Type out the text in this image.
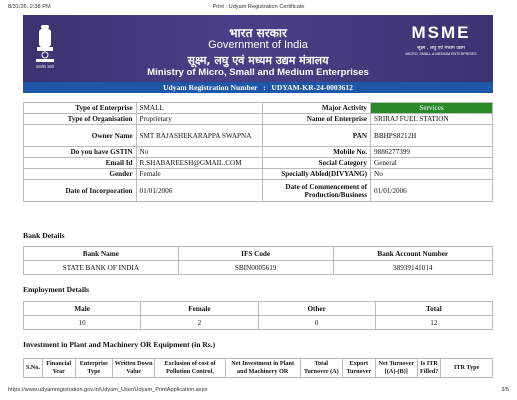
8/31/26, 2:38 PM	Print : Udyam Registration Certificate
सत्यमेव जयते
भारत सरकार
Government of India
सूक्ष्म, लघु एवं मध्यम उद्यम मंत्रालय
Ministry of Micro, Small and Medium Enterprises
MSME
सूक्ष्म , लघु एवं मध्यम उद्यम
MICRO, SMALL & MEDIUM ENTERPRISES
Udyam Registration Number : UDYAM-KR-24-0003612
Type of Enterprise	SMALL	Major Activity	Services
Type of Organisation	Proprietary	Name of Enterprise	SRIRAJ FUEL STATION
Owner Name	SMT RAJASHEKARAPPA SWAPNA	PAN	BBHPS8212H
Do you have GSTIN	No	Mobile No.	9886277399
Email Id	R.SHABAREESH@GMAIL.COM	Social Category	General
Gender	Female	Specially Abled(DIVYANG)	No
Date of Incorporation	01/01/2006	Date of Commencement of Production/Business	01/01/2006
Bank Details
Bank Name	IFS Code	Bank Account Number
STATE BANK OF INDIA	SBIN0005619	38939141014
Employment Details
Male	Female	Other	Total
10	2	0	12
Investment in Plant and Machinery OR Equipment (in Rs.)
S.No.	Financial Year	Enterprise Type	Written Down Value	Exclusion of cost of Pollution Control,	Net Investment in Plant and Machinery OR	Total Turnover (A)	Export Turnover	Net Turnover [(A)-(B)]	Is ITR Filled?	ITR Type
https://www.udyamregistration.gov.in/Udyam_User/Udyam_PrintApplication.aspx	3/5
